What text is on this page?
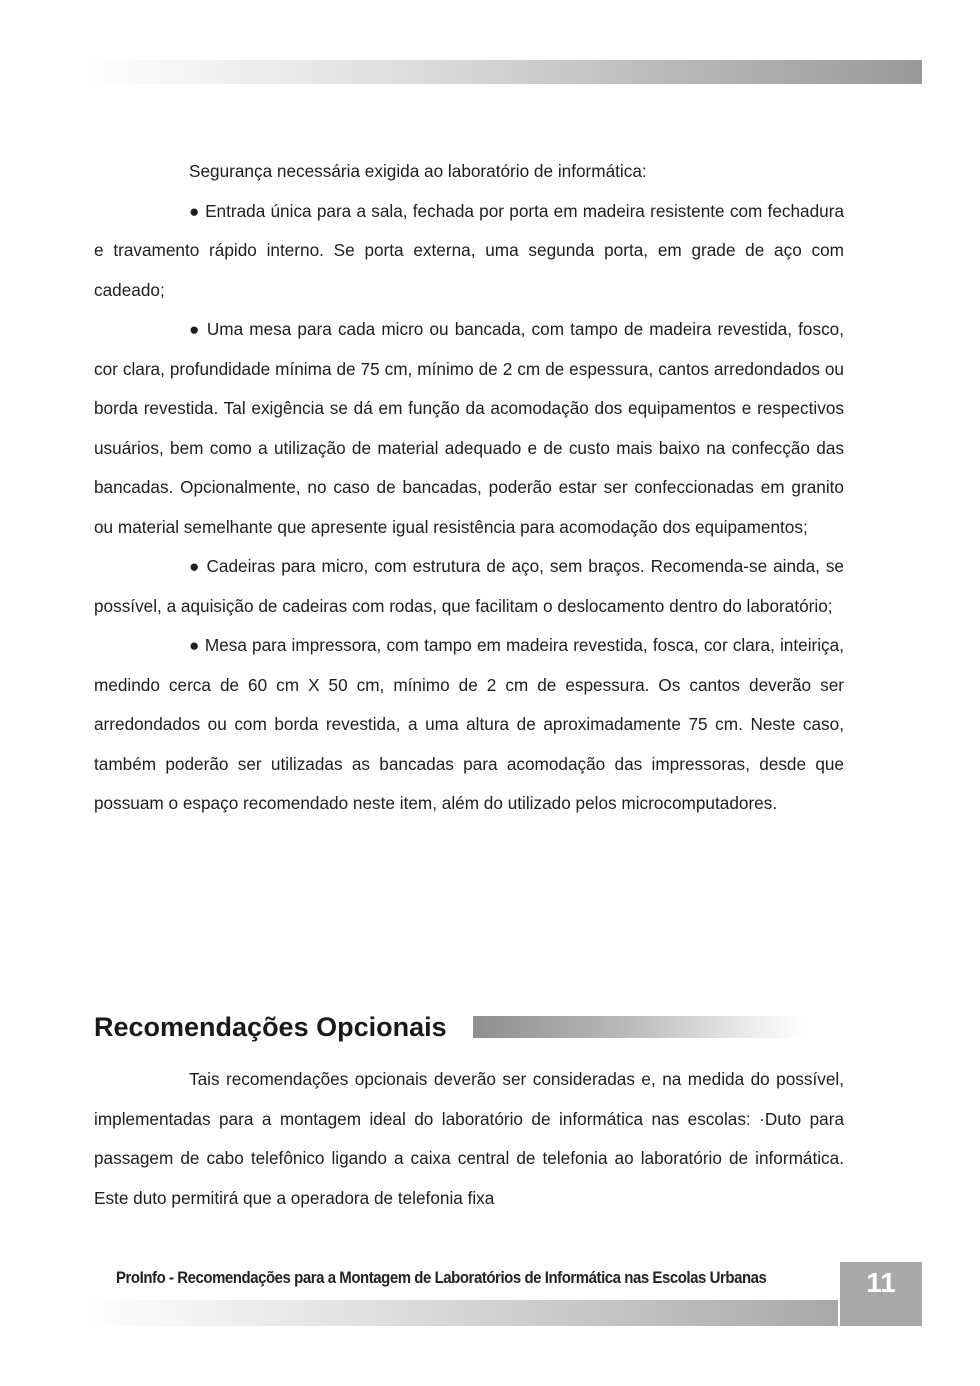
Segurança necessária exigida ao laboratório de informática:

● Entrada única para a sala, fechada por porta em madeira resistente com fechadura e travamento rápido interno. Se porta externa, uma segunda porta, em grade de aço com cadeado;

● Uma mesa para cada micro ou bancada, com tampo de madeira revestida, fosco, cor clara, profundidade mínima de 75 cm, mínimo de 2 cm de espessura, cantos arredondados ou borda revestida. Tal exigência se dá em função da acomodação dos equipamentos e respectivos usuários, bem como a utilização de material adequado e de custo mais baixo na confecção das bancadas. Opcionalmente, no caso de bancadas, poderão estar ser confeccionadas em granito ou material semelhante que apresente igual resistência para acomodação dos equipamentos;

● Cadeiras para micro, com estrutura de aço, sem braços. Recomenda-se ainda, se possível, a aquisição de cadeiras com rodas, que facilitam o deslocamento dentro do laboratório;

● Mesa para impressora, com tampo em madeira revestida, fosca, cor clara, inteiriça, medindo cerca de 60 cm X 50 cm, mínimo de 2 cm de espessura. Os cantos deverão ser arredondados ou com borda revestida, a uma altura de aproximadamente 75 cm. Neste caso, também poderão ser utilizadas as bancadas para acomodação das impressoras, desde que possuam o espaço recomendado neste item, além do utilizado pelos microcomputadores.

Recomendações Opcionais

Tais recomendações opcionais deverão ser consideradas e, na medida do possível, implementadas para a montagem ideal do laboratório de informática nas escolas: ·Duto para passagem de cabo telefônico ligando a caixa central de telefonia ao laboratório de informática. Este duto permitirá que a operadora de telefonia fixa

ProInfo - Recomendações para a Montagem de Laboratórios de Informática nas Escolas Urbanas	11
